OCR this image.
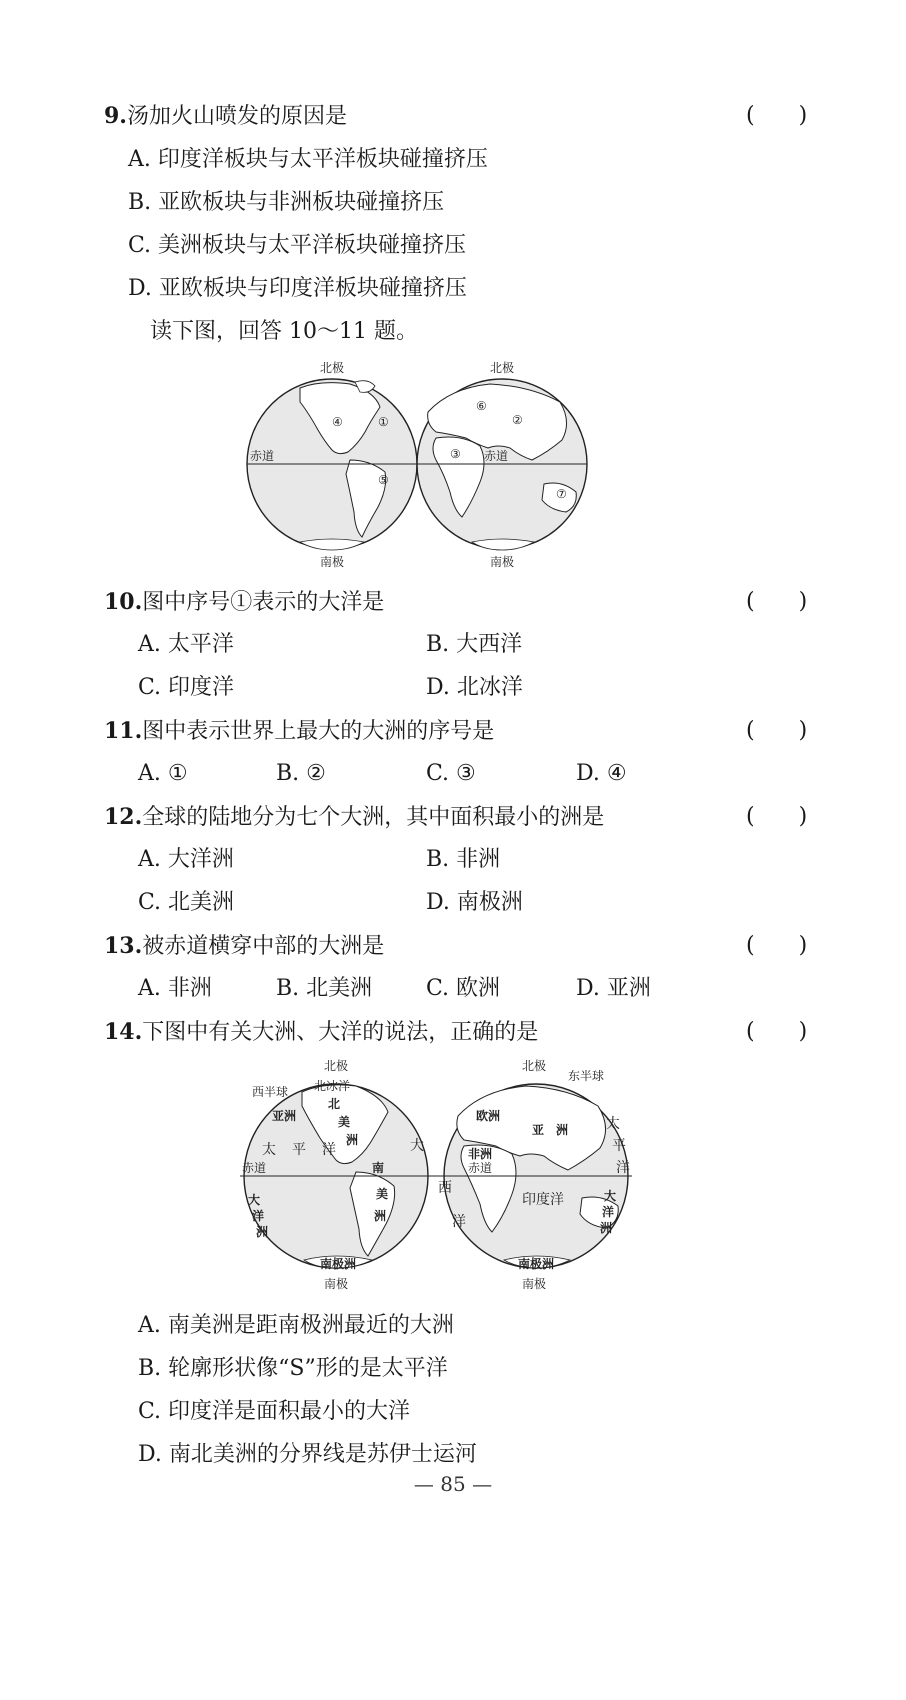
9.汤加火山喷发的原因是	(　　)
A. 印度洋板块与太平洋板块碰撞挤压
B. 亚欧板块与非洲板块碰撞挤压
C. 美洲板块与太平洋板块碰撞挤压
D. 亚欧板块与印度洋板块碰撞挤压
读下图，回答 10～11 题。
北极	北极
南极	南极
赤道	赤道
①	②
③
④
⑤
⑥
⑦
10.图中序号①表示的大洋是	(　　)
A. 太平洋	B. 大西洋
C. 印度洋	D. 北冰洋
11.图中表示世界上最大的大洲的序号是	(　　)
A. ①	B. ②	C. ③	D. ④
12.全球的陆地分为七个大洲，其中面积最小的洲是	(　　)
A. 大洋洲	B. 非洲
C. 北美洲	D. 南极洲
13.被赤道横穿中部的大洲是	(　　)
A. 非洲	B. 北美洲 C. 欧洲	D. 亚洲
14.下图中有关大洲、大洋的说法，正确的是	(　　)
北极	北极
南极	南极
赤道	赤道
西半球
东半球
北冰洋
亚洲
北
美
洲
太 平 洋	大
西
洋
南
美
洲
大
洋
洲
南极洲
欧洲
亚　洲
非洲
印度洋
太
平
洋
大
洋
洲
南极洲
A. 南美洲是距南极洲最近的大洲
B. 轮廓形状像“S”形的是太平洋
C. 印度洋是面积最小的大洋
D. 南北美洲的分界线是苏伊士运河
— 85 —
